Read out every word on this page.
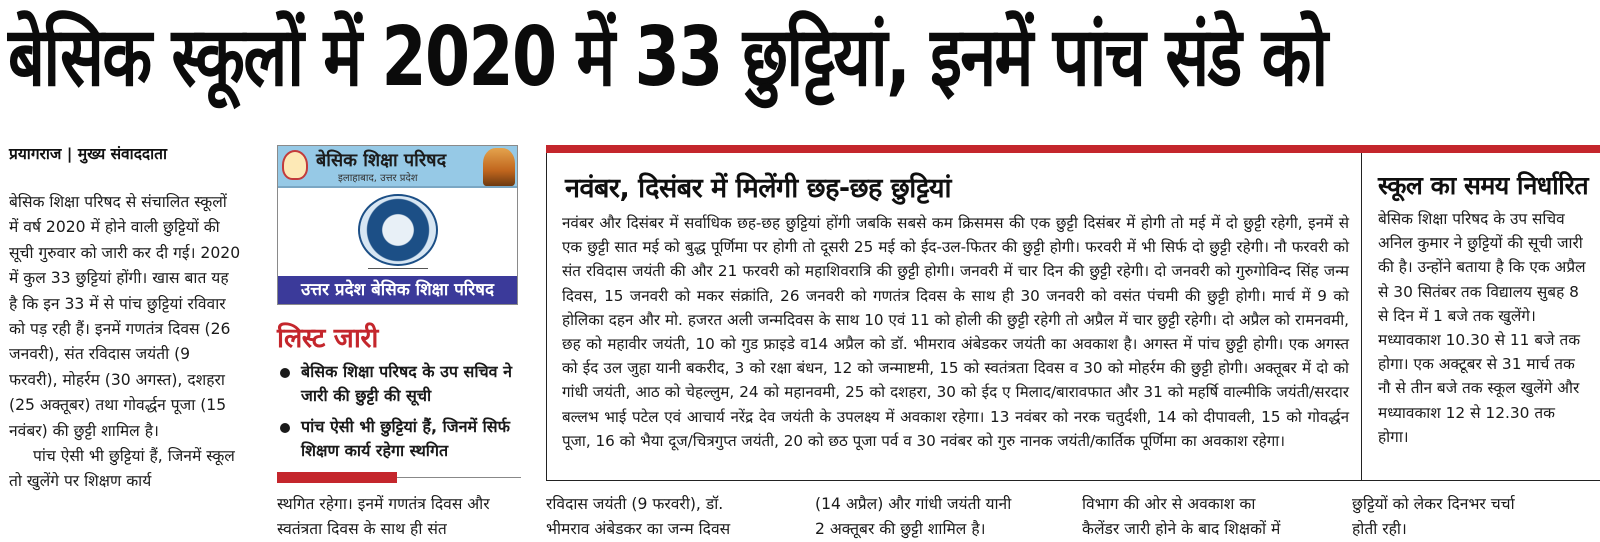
बेसिक स्कूलों में 2020 में 33 छुट्टियां, इनमें पांच संडे को
प्रयागराज | मुख्य संवाददाता

बेसिक शिक्षा परिषद से संचालित स्कूलों में वर्ष 2020 में होने वाली छुट्टियों की सूची गुरुवार को जारी कर दी गई। 2020 में कुल 33 छुट्टियां होंगी। खास बात यह है कि इन 33 में से पांच छुट्टियां रविवार को पड़ रही हैं। इनमें गणतंत्र दिवस (26 जनवरी), संत रविदास जयंती (9 फरवरी), मोहर्रम (30 अगस्त), दशहरा (25 अक्तूबर) तथा गोवर्द्धन पूजा (15 नवंबर) की छुट्टी शामिल है।

पांच ऐसी भी छुट्टियां हैं, जिनमें स्कूल तो खुलेंगे पर शिक्षण कार्य

बेसिक शिक्षा परिषद
इलाहाबाद, उत्तर प्रदेश
उत्तर प्रदेश बेसिक शिक्षा परिषद
लिस्ट जारी
बेसिक शिक्षा परिषद के उप सचिव ने जारी की छुट्टी की सूची
पांच ऐसी भी छुट्टियां हैं, जिनमें सिर्फ शिक्षण कार्य रहेगा स्थगित
स्थगित रहेगा। इनमें गणतंत्र दिवस और स्वतंत्रता दिवस के साथ ही संत
नवंबर, दिसंबर में मिलेंगी छह-छह छुट्टियां
नवंबर और दिसंबर में सर्वाधिक छह-छह छुट्टियां होंगी जबकि सबसे कम क्रिसमस की एक छुट्टी दिसंबर में होगी तो मई में दो छुट्टी रहेगी, इनमें से एक छुट्टी सात मई को बुद्ध पूर्णिमा पर होगी तो दूसरी 25 मई को ईद-उल-फितर की छुट्टी होगी। फरवरी में भी सिर्फ दो छुट्टी रहेगी। नौ फरवरी को संत रविदास जयंती की और 21 फरवरी को महाशिवरात्रि की छुट्टी होगी। जनवरी में चार दिन की छुट्टी रहेगी। दो जनवरी को गुरुगोविन्द सिंह जन्म दिवस, 15 जनवरी को मकर संक्रांति, 26 जनवरी को गणतंत्र दिवस के साथ ही 30 जनवरी को वसंत पंचमी की छुट्टी होगी। मार्च में 9 को होलिका दहन और मो. हजरत अली जन्मदिवस के साथ 10 एवं 11 को होली की छुट्टी रहेगी तो अप्रैल में चार छुट्टी रहेगी। दो अप्रैल को रामनवमी, छह को महावीर जयंती, 10 को गुड फ्राइडे व14 अप्रैल को डॉ. भीमराव अंबेडकर जयंती का अवकाश है। अगस्त में पांच छुट्टी होगी। एक अगस्त को ईद उल जुहा यानी बकरीद, 3 को रक्षा बंधन, 12 को जन्माष्टमी, 15 को स्वतंत्रता दिवस व 30 को मोहर्रम की छुट्टी होगी। अक्तूबर में दो को गांधी जयंती, आठ को चेहल्लुम, 24 को महानवमी, 25 को दशहरा, 30 को ईद ए मिलाद/बारावफात और 31 को महर्षि वाल्मीकि जयंती/सरदार बल्लभ भाई पटेल एवं आचार्य नरेंद्र देव जयंती के उपलक्ष्य में अवकाश रहेगा। 13 नवंबर को नरक चतुर्दशी, 14 को दीपावली, 15 को गोवर्द्धन पूजा, 16 को भैया दूज/चित्रगुप्त जयंती, 20 को छठ पूजा पर्व व 30 नवंबर को गुरु नानक जयंती/कार्तिक पूर्णिमा का अवकाश रहेगा।
स्कूल का समय निर्धारित
बेसिक शिक्षा परिषद के उप सचिव अनिल कुमार ने छुट्टियों की सूची जारी की है। उन्होंने बताया है कि एक अप्रैल से 30 सितंबर तक विद्यालय सुबह 8 से दिन में 1 बजे तक खुलेंगे। मध्यावकाश 10.30 से 11 बजे तक होगा। एक अक्टूबर से 31 मार्च तक नौ से तीन बजे तक स्कूल खुलेंगे और मध्यावकाश 12 से 12.30 तक होगा।
रविदास जयंती (9 फरवरी), डॉ.
भीमराव अंबेडकर का जन्म दिवस
(14 अप्रैल) और गांधी जयंती यानी
2 अक्तूबर की छुट्टी शामिल है।
विभाग की ओर से अवकाश का
कैलेंडर जारी होने के बाद शिक्षकों में
छुट्टियों को लेकर दिनभर चर्चा
होती रही।
